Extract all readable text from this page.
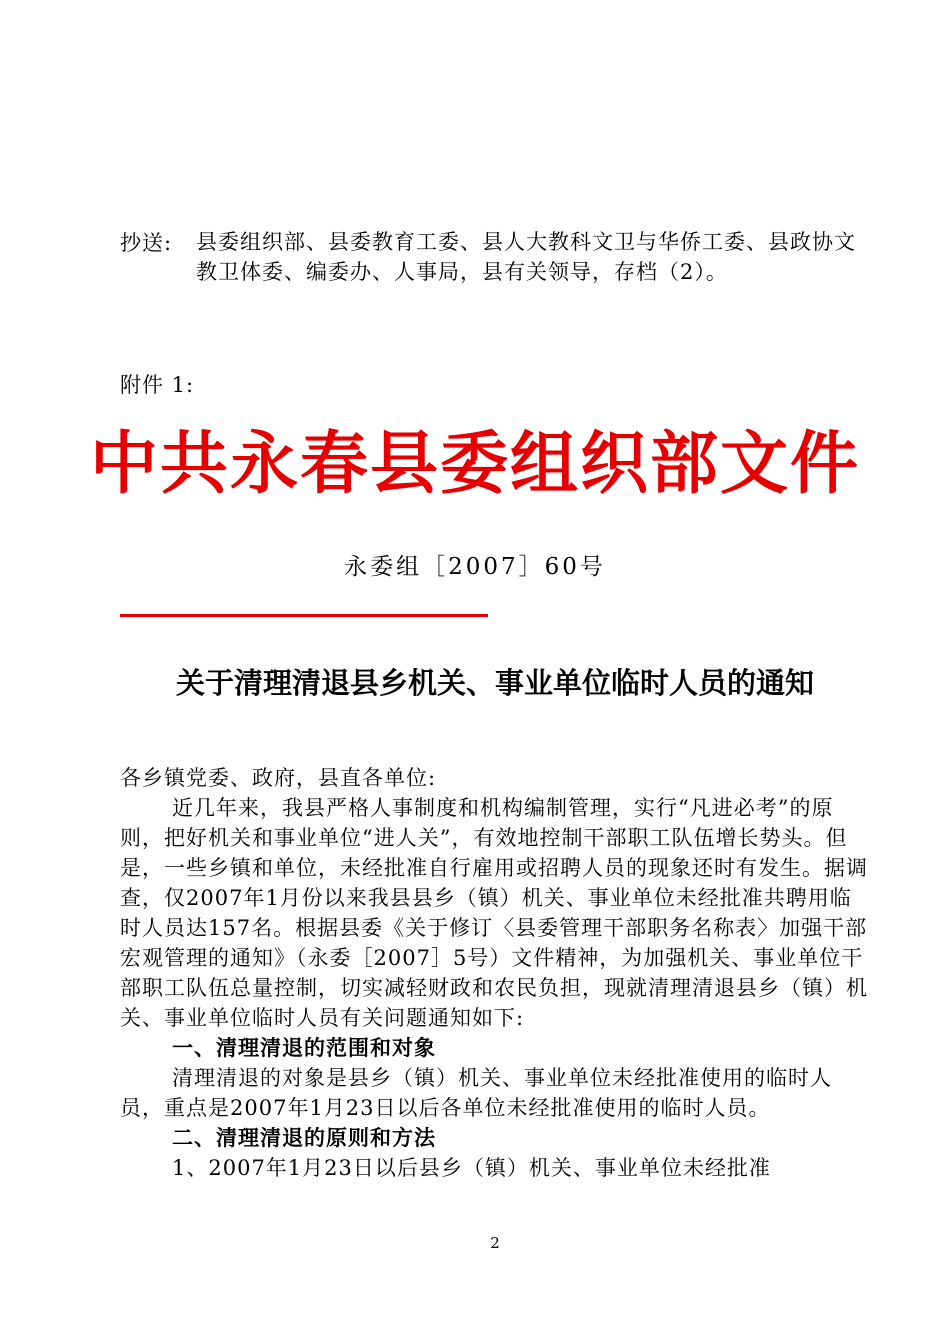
抄送: 县委组织部、县委教育工委、县人大教科文卫与华侨工委、县政协文教卫体委、编委办、人事局，县有关领导，存档（2）。
附件 1:
中共永春县委组织部文件
永委组［2007］60号
关于清理清退县乡机关、事业单位临时人员的通知

各乡镇党委、政府，县直各单位:

近几年来，我县严格人事制度和机构编制管理，实行“凡进必考”的原则，把好机关和事业单位“进人关”，有效地控制干部职工队伍增长势头。但是，一些乡镇和单位，未经批准自行雇用或招聘人员的现象还时有发生。据调查，仅2007年1月份以来我县县乡（镇）机关、事业单位未经批准共聘用临时人员达157名。根据县委《关于修订〈县委管理干部职务名称表〉加强干部宏观管理的通知》（永委［2007］5号）文件精神，为加强机关、事业单位干部职工队伍总量控制，切实减轻财政和农民负担，现就清理清退县乡（镇）机关、事业单位临时人员有关问题通知如下:

一、清理清退的范围和对象

清理清退的对象是县乡（镇）机关、事业单位未经批准使用的临时人员，重点是2007年1月23日以后各单位未经批准使用的临时人员。

二、清理清退的原则和方法

1、2007年1月23日以后县乡（镇）机关、事业单位未经批准

2
